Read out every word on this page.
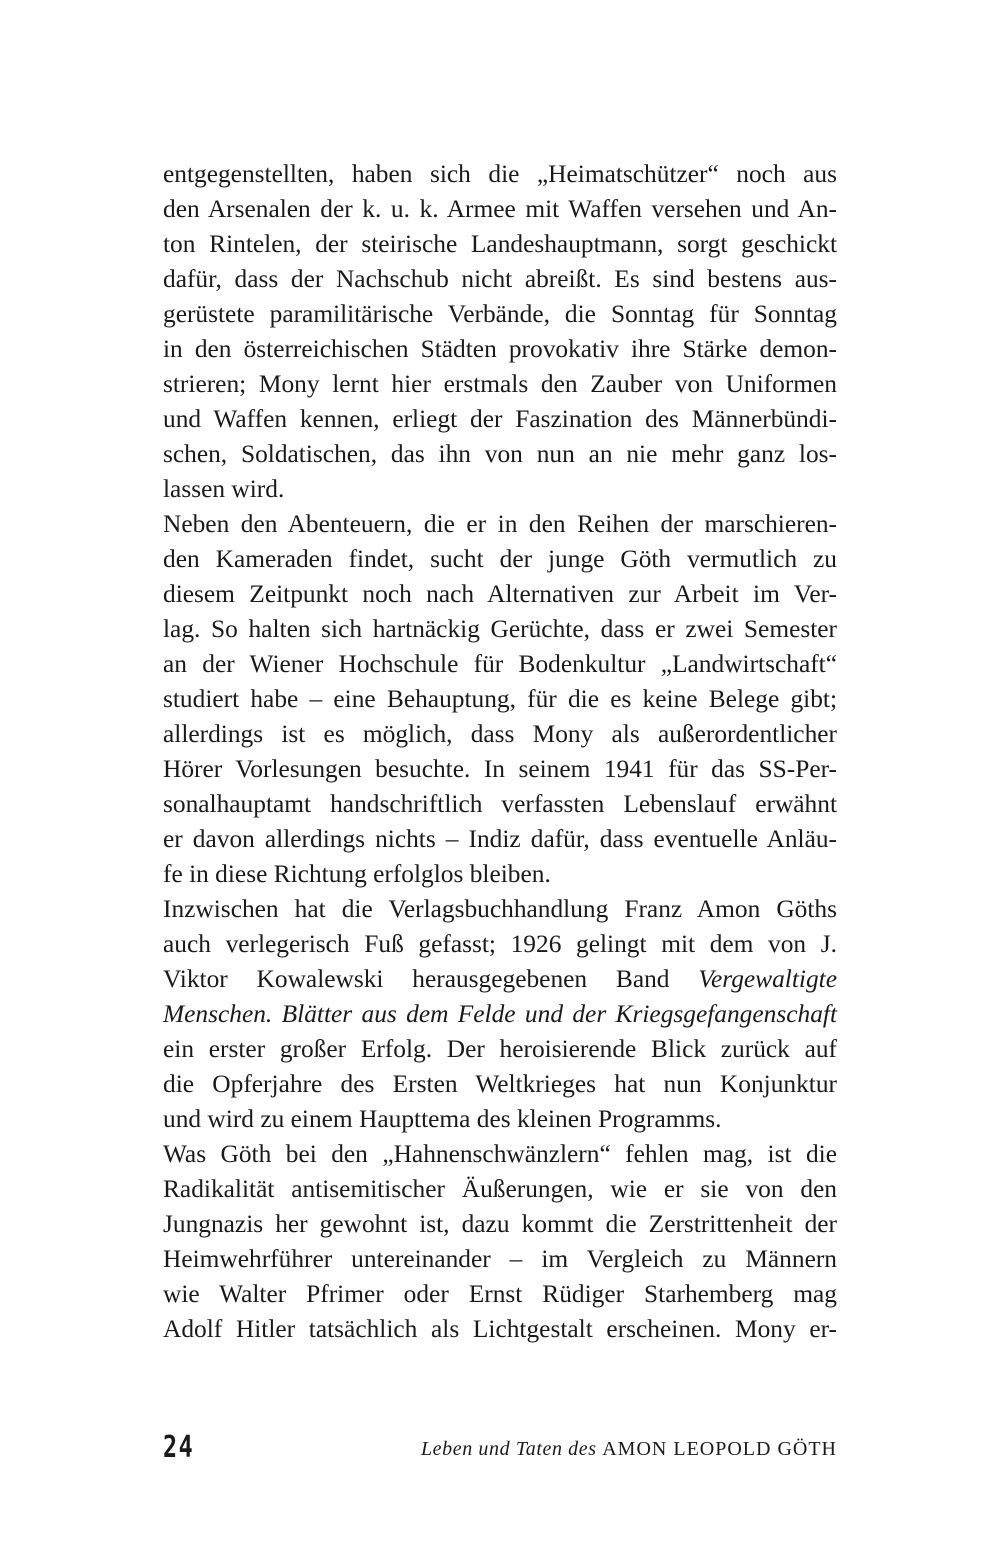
entgegenstellten, haben sich die „Heimatschützer“ noch aus
den Arsenalen der k. u. k. Armee mit Waffen versehen und An-
ton Rintelen, der steirische Landeshauptmann, sorgt geschickt
dafür, dass der Nachschub nicht abreißt. Es sind bestens aus-
gerüstete paramilitärische Verbände, die Sonntag für Sonntag
in den österreichischen Städten provokativ ihre Stärke demon-
strieren; Mony lernt hier erstmals den Zauber von Uniformen
und Waffen kennen, erliegt der Faszination des Männerbündi-
schen, Soldatischen, das ihn von nun an nie mehr ganz los-
lassen wird.
Neben den Abenteuern, die er in den Reihen der marschieren-
den Kameraden findet, sucht der junge Göth vermutlich zu
diesem Zeitpunkt noch nach Alternativen zur Arbeit im Ver-
lag. So halten sich hartnäckig Gerüchte, dass er zwei Semester
an der Wiener Hochschule für Bodenkultur „Landwirtschaft“
studiert habe – eine Behauptung, für die es keine Belege gibt;
allerdings ist es möglich, dass Mony als außerordentlicher
Hörer Vorlesungen besuchte. In seinem 1941 für das SS-Per-
sonalhauptamt handschriftlich verfassten Lebenslauf erwähnt
er davon allerdings nichts – Indiz dafür, dass eventuelle Anläu-
fe in diese Richtung erfolglos bleiben.
Inzwischen hat die Verlagsbuchhandlung Franz Amon Göths
auch verlegerisch Fuß gefasst; 1926 gelingt mit dem von J.
Viktor Kowalewski herausgegebenen Band Vergewaltigte
Menschen. Blätter aus dem Felde und der Kriegsgefangenschaft
ein erster großer Erfolg. Der heroisierende Blick zurück auf
die Opferjahre des Ersten Weltkrieges hat nun Konjunktur
und wird zu einem Haupttema des kleinen Programms.
Was Göth bei den „Hahnenschwänzlern“ fehlen mag, ist die
Radikalität antisemitischer Äußerungen, wie er sie von den
Jungnazis her gewohnt ist, dazu kommt die Zerstrittenheit der
Heimwehrführer untereinander – im Vergleich zu Männern
wie Walter Pfrimer oder Ernst Rüdiger Starhemberg mag
Adolf Hitler tatsächlich als Lichtgestalt erscheinen. Mony er-
24	Leben und Taten des AMON LEOPOLD GÖTH
